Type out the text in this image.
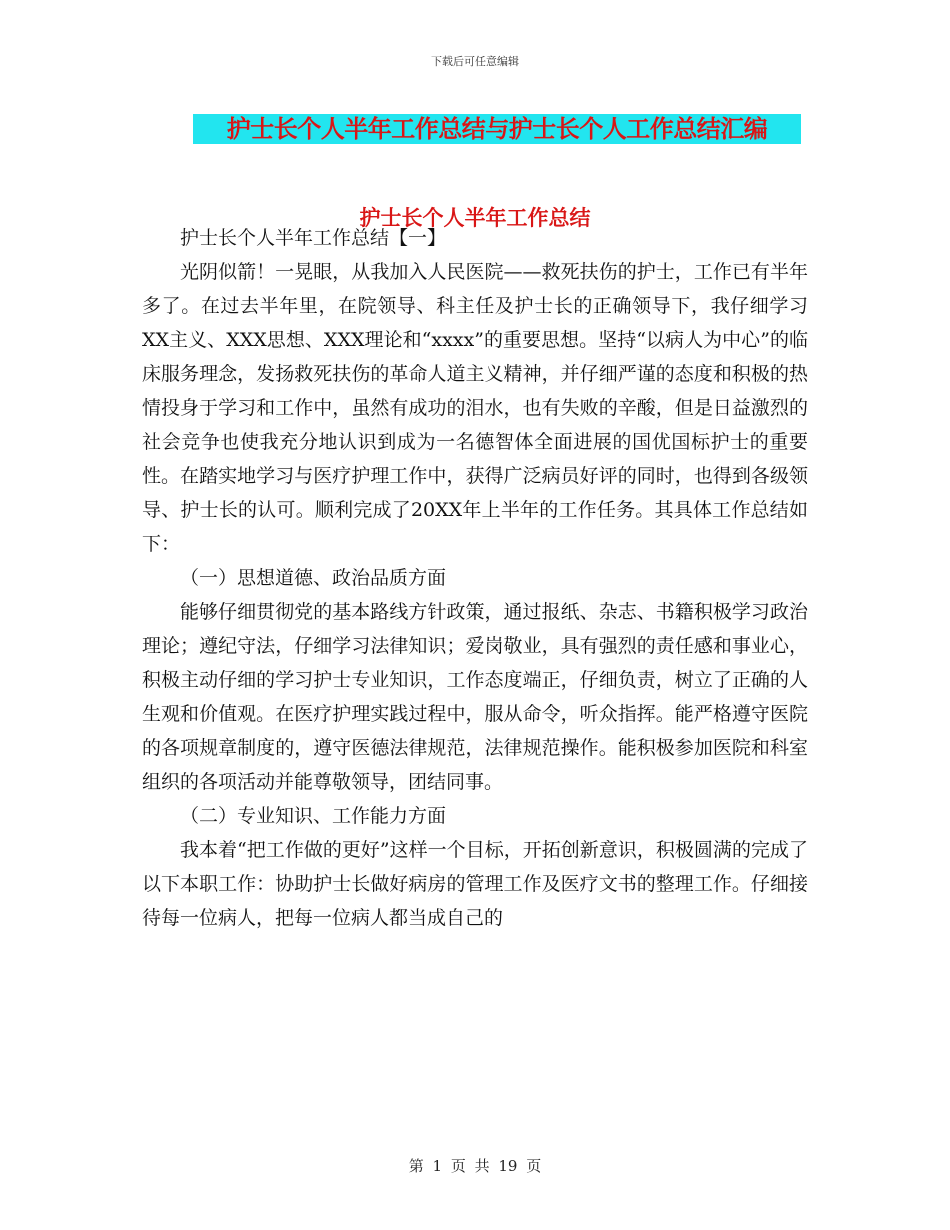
下载后可任意编辑
护士长个人半年工作总结与护士长个人工作总结汇编
护士长个人半年工作总结

护士长个人半年工作总结【一】

光阴似箭！一晃眼，从我加入人民医院——救死扶伤的护士，工作已有半年多了。在过去半年里，在院领导、科主任及护士长的正确领导下，我仔细学习XX主义、XXX思想、XXX理论和“xxxx”的重要思想。坚持“以病人为中心”的临床服务理念，发扬救死扶伤的革命人道主义精神，并仔细严谨的态度和积极的热情投身于学习和工作中，虽然有成功的泪水，也有失败的辛酸，但是日益激烈的社会竞争也使我充分地认识到成为一名德智体全面进展的国优国标护士的重要性。在踏实地学习与医疗护理工作中，获得广泛病员好评的同时，也得到各级领导、护士长的认可。顺利完成了20XX年上半年的工作任务。其具体工作总结如下：

（一）思想道德、政治品质方面

能够仔细贯彻党的基本路线方针政策，通过报纸、杂志、书籍积极学习政治理论；遵纪守法，仔细学习法律知识；爱岗敬业，具有强烈的责任感和事业心，积极主动仔细的学习护士专业知识，工作态度端正，仔细负责，树立了正确的人生观和价值观。在医疗护理实践过程中，服从命令，听众指挥。能严格遵守医院的各项规章制度的，遵守医德法律规范，法律规范操作。能积极参加医院和科室组织的各项活动并能尊敬领导，团结同事。

（二）专业知识、工作能力方面

我本着“把工作做的更好”这样一个目标，开拓创新意识，积极圆满的完成了以下本职工作：协助护士长做好病房的管理工作及医疗文书的整理工作。仔细接待每一位病人，把每一位病人都当成自己的

第 1 页 共 19 页
